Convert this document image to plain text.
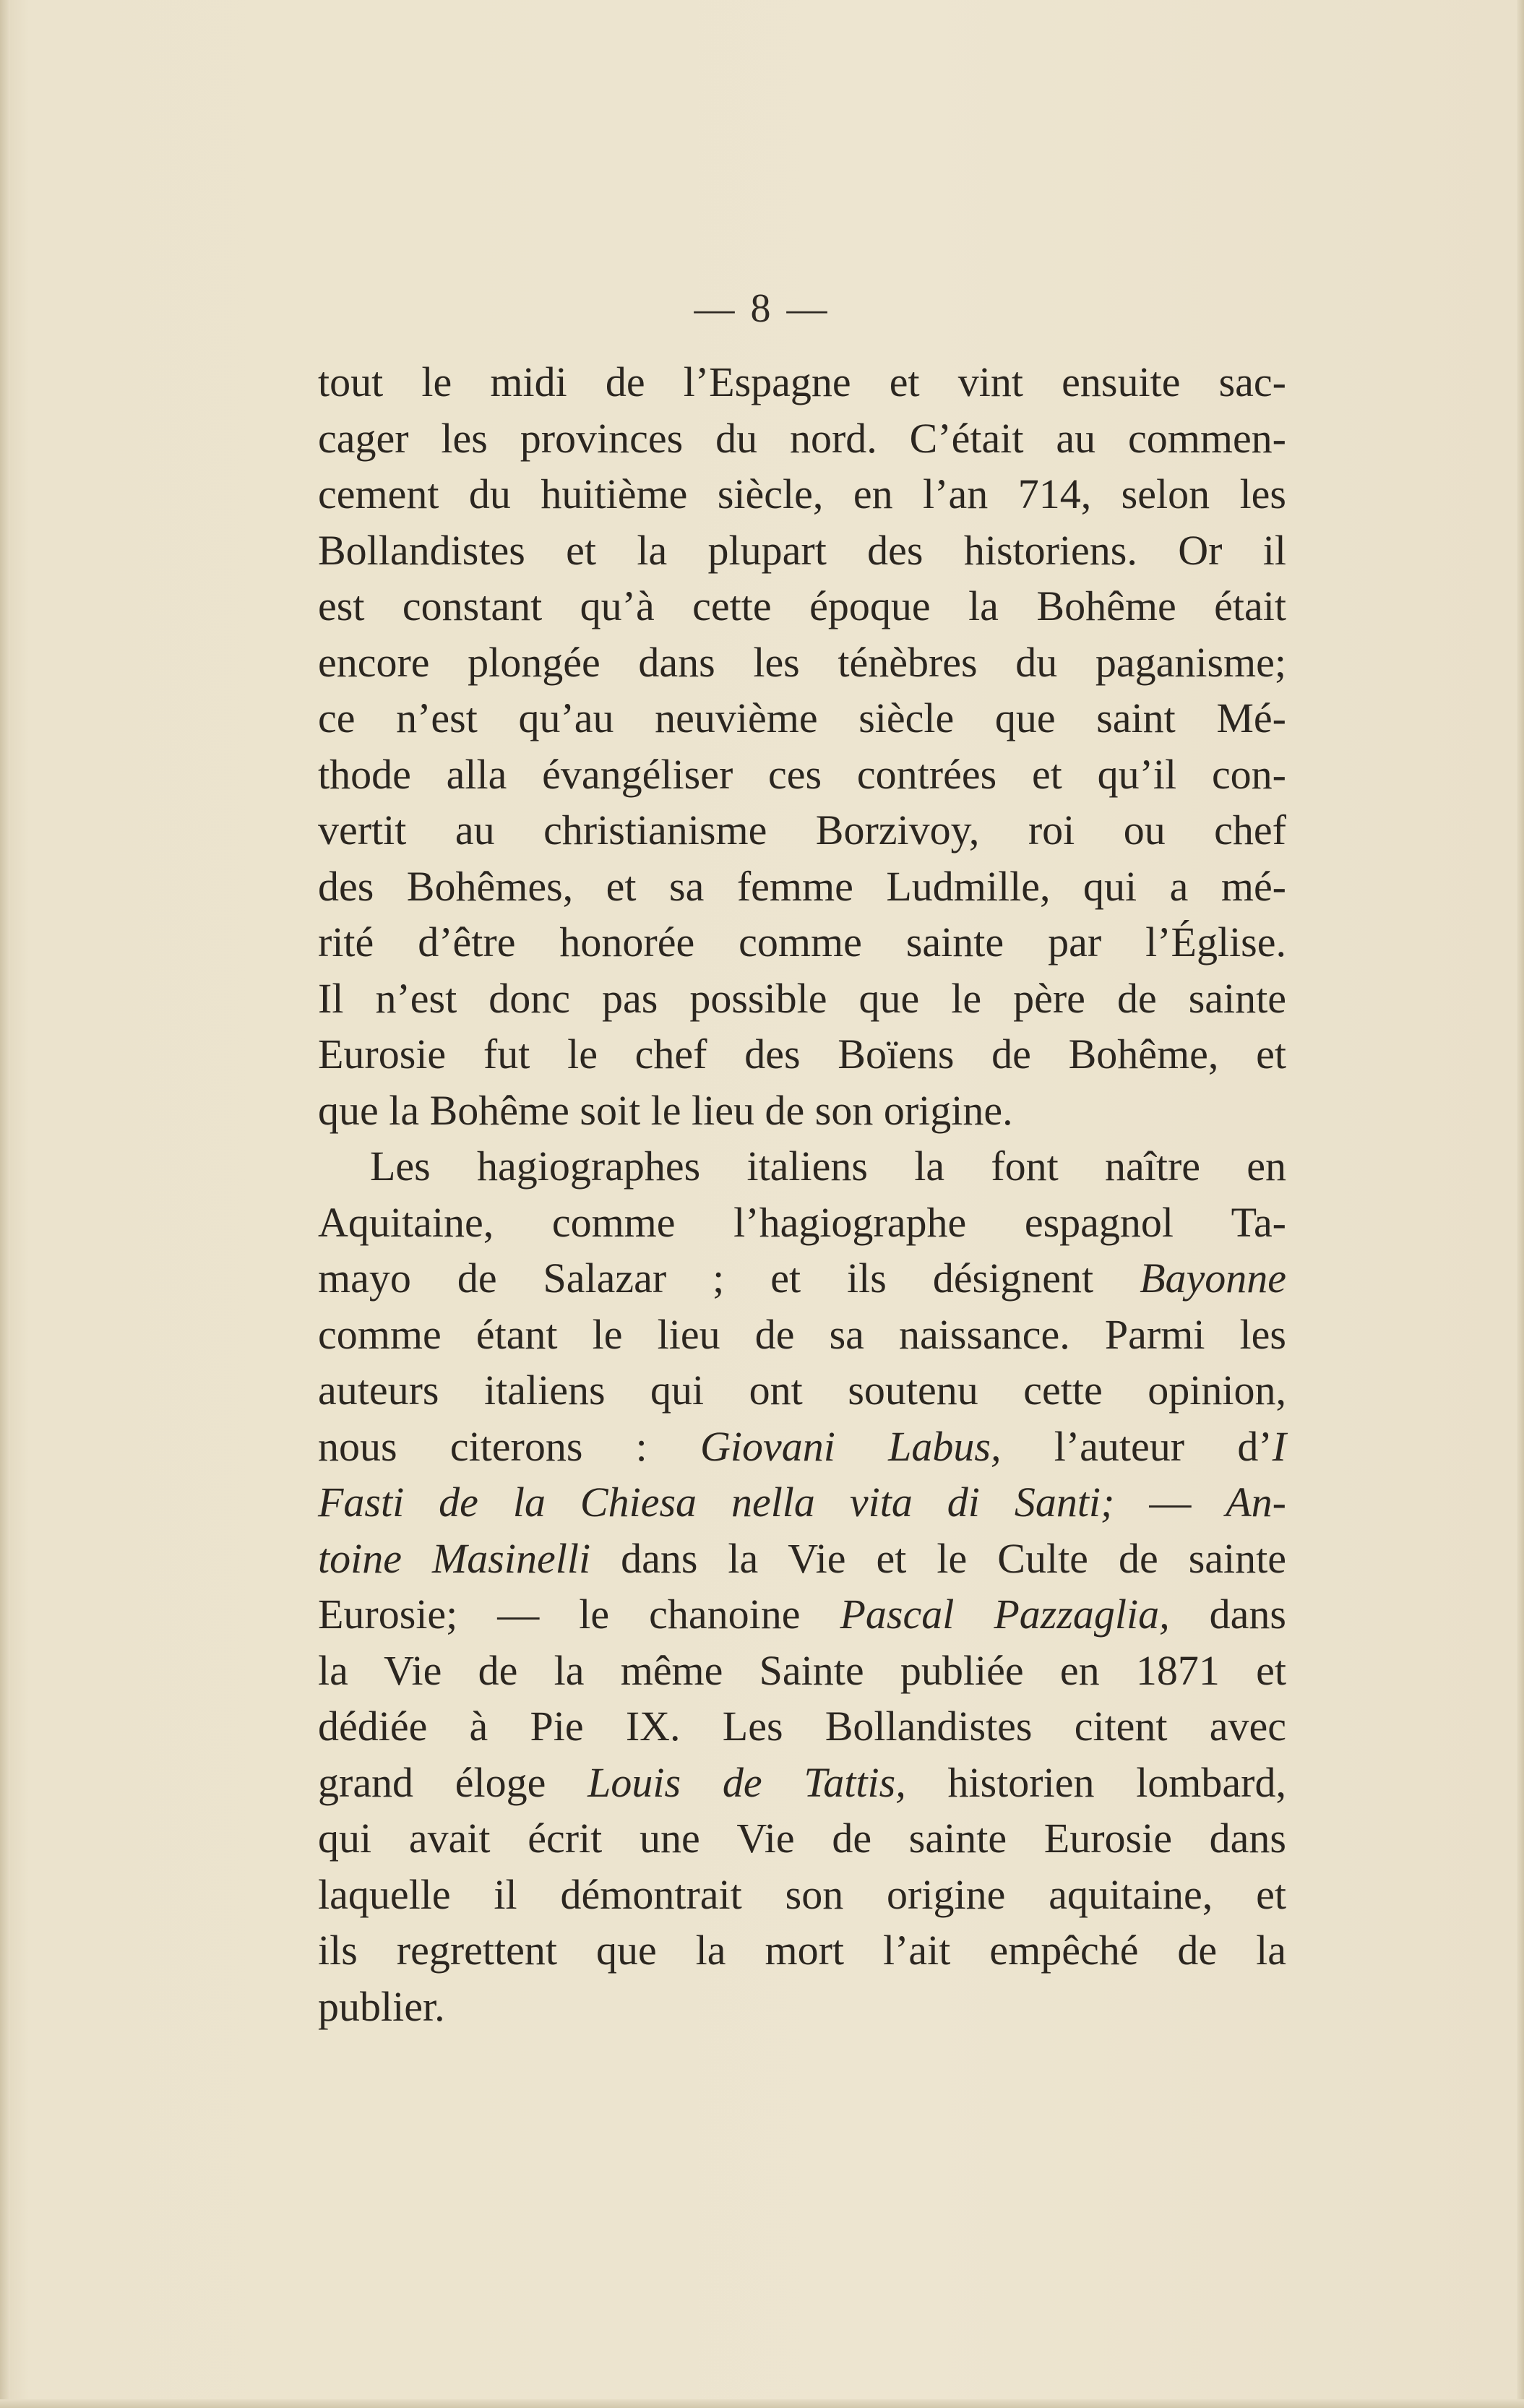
— 8 —
tout le midi de l’Espagne et vint ensuite sac-
cager les provinces du nord. C’était au commen-
cement du huitième siècle, en l’an 714, selon les
Bollandistes et la plupart des historiens. Or il
est constant qu’à cette époque la Bohême était
encore plongée dans les ténèbres du paganisme;
ce n’est qu’au neuvième siècle que saint Mé-
thode alla évangéliser ces contrées et qu’il con-
vertit au christianisme Borzivoy, roi ou chef
des Bohêmes, et sa femme Ludmille, qui a mé-
rité d’être honorée comme sainte par l’Église.
Il n’est donc pas possible que le père de sainte
Eurosie fut le chef des Boïens de Bohême, et
que la Bohême soit le lieu de son origine.
Les hagiographes italiens la font naître en
Aquitaine, comme l’hagiographe espagnol Ta-
mayo de Salazar ; et ils désignent Bayonne
comme étant le lieu de sa naissance. Parmi les
auteurs italiens qui ont soutenu cette opinion,
nous citerons : Giovani Labus, l’auteur d’I
Fasti de la Chiesa nella vita di Santi; — An-
toine Masinelli dans la Vie et le Culte de sainte
Eurosie; — le chanoine Pascal Pazzaglia, dans
la Vie de la même Sainte publiée en 1871 et
dédiée à Pie IX. Les Bollandistes citent avec
grand éloge Louis de Tattis, historien lombard,
qui avait écrit une Vie de sainte Eurosie dans
laquelle il démontrait son origine aquitaine, et
ils regrettent que la mort l’ait empêché de la
publier.
